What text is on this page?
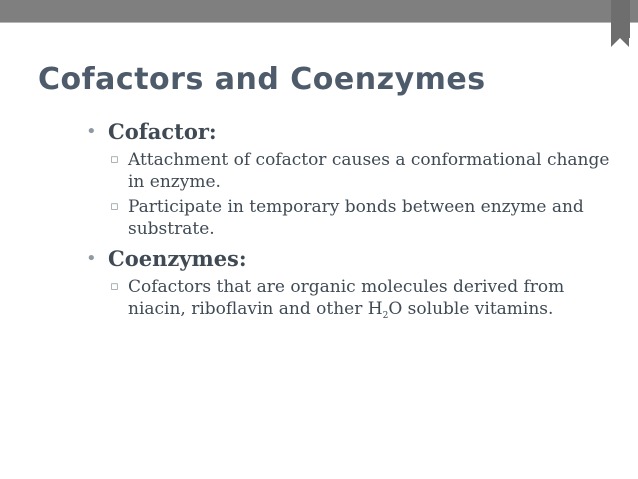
Cofactors and Coenzymes
• Cofactor:
▫ Attachment of cofactor causes a conformational change in enzyme.
▫ Participate in temporary bonds between enzyme and substrate.
• Coenzymes:
▫ Cofactors that are organic molecules derived from niacin, riboflavin and other $H_2O$ soluble vitamins.
